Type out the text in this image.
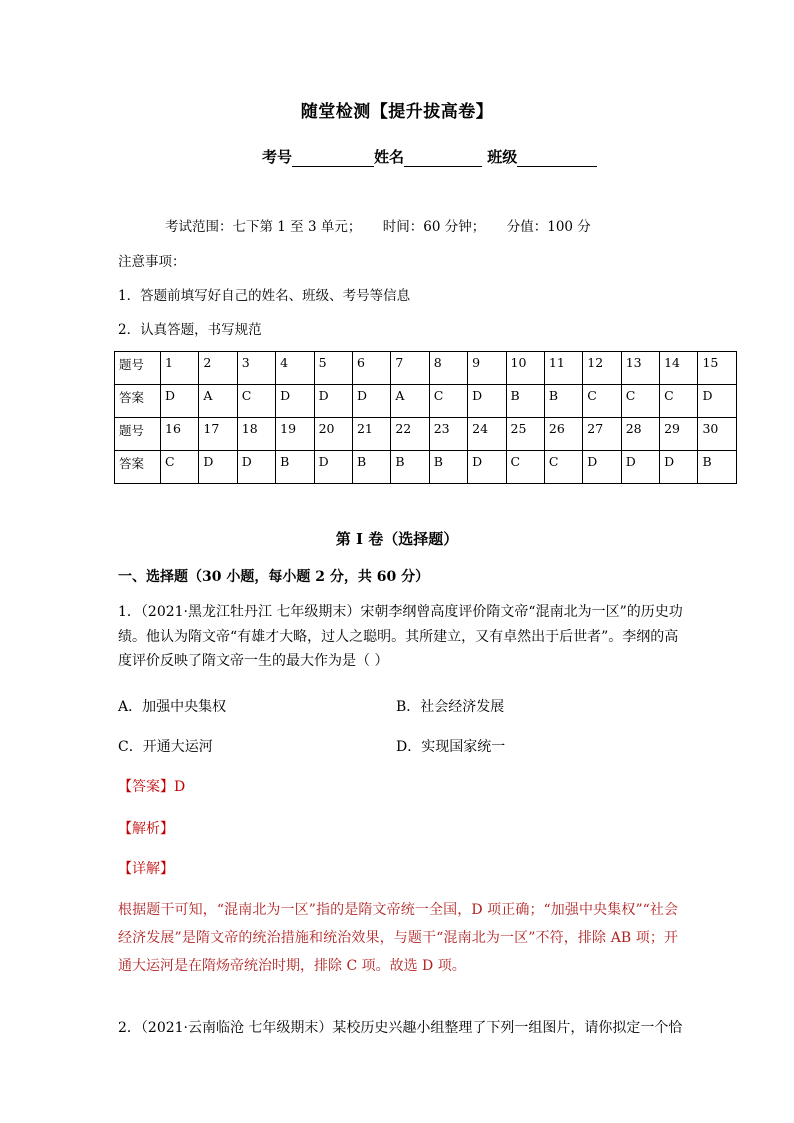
随堂检测【提升拔高卷】
考号	姓名	班级
考试范围：七下第 1 至 3 单元；     时间：60 分钟；     分值：100 分
注意事项：
1．答题前填写好自己的姓名、班级、考号等信息
2．认真答题，书写规范
题号	1	2	3	4	5	6	7	8	9	10	11	12	13	14	15
答案	D	A	C	D	D	D	A	C	D	B	B	C	C	C	D
题号	16	17	18	19	20	21	22	23	24	25	26	27	28	29	30
答案	C	D	D	B	D	B	B	B	D	C	C	D	D	D	B
第 I 卷（选择题）
一、选择题（30 小题，每小题 2 分，共 60 分）
1．（2021·黑龙江牡丹江 七年级期末）宋朝李纲曾高度评价隋文帝“混南北为一区”的历史功绩。他认为隋文帝“有雄才大略，过人之聪明。其所建立，又有卓然出于后世者”。李纲的高度评价反映了隋文帝一生的最大作为是（ ）
A．加强中央集权	B．社会经济发展
C．开通大运河	D．实现国家统一
【答案】D
【解析】
【详解】
根据题干可知，“混南北为一区”指的是隋文帝统一全国，D 项正确；“加强中央集权”“社会经济发展”是隋文帝的统治措施和统治效果，与题干“混南北为一区”不符，排除 AB 项；开通大运河是在隋炀帝统治时期，排除 C 项。故选 D 项。
2．（2021·云南临沧 七年级期末）某校历史兴趣小组整理了下列一组图片，请你拟定一个恰
